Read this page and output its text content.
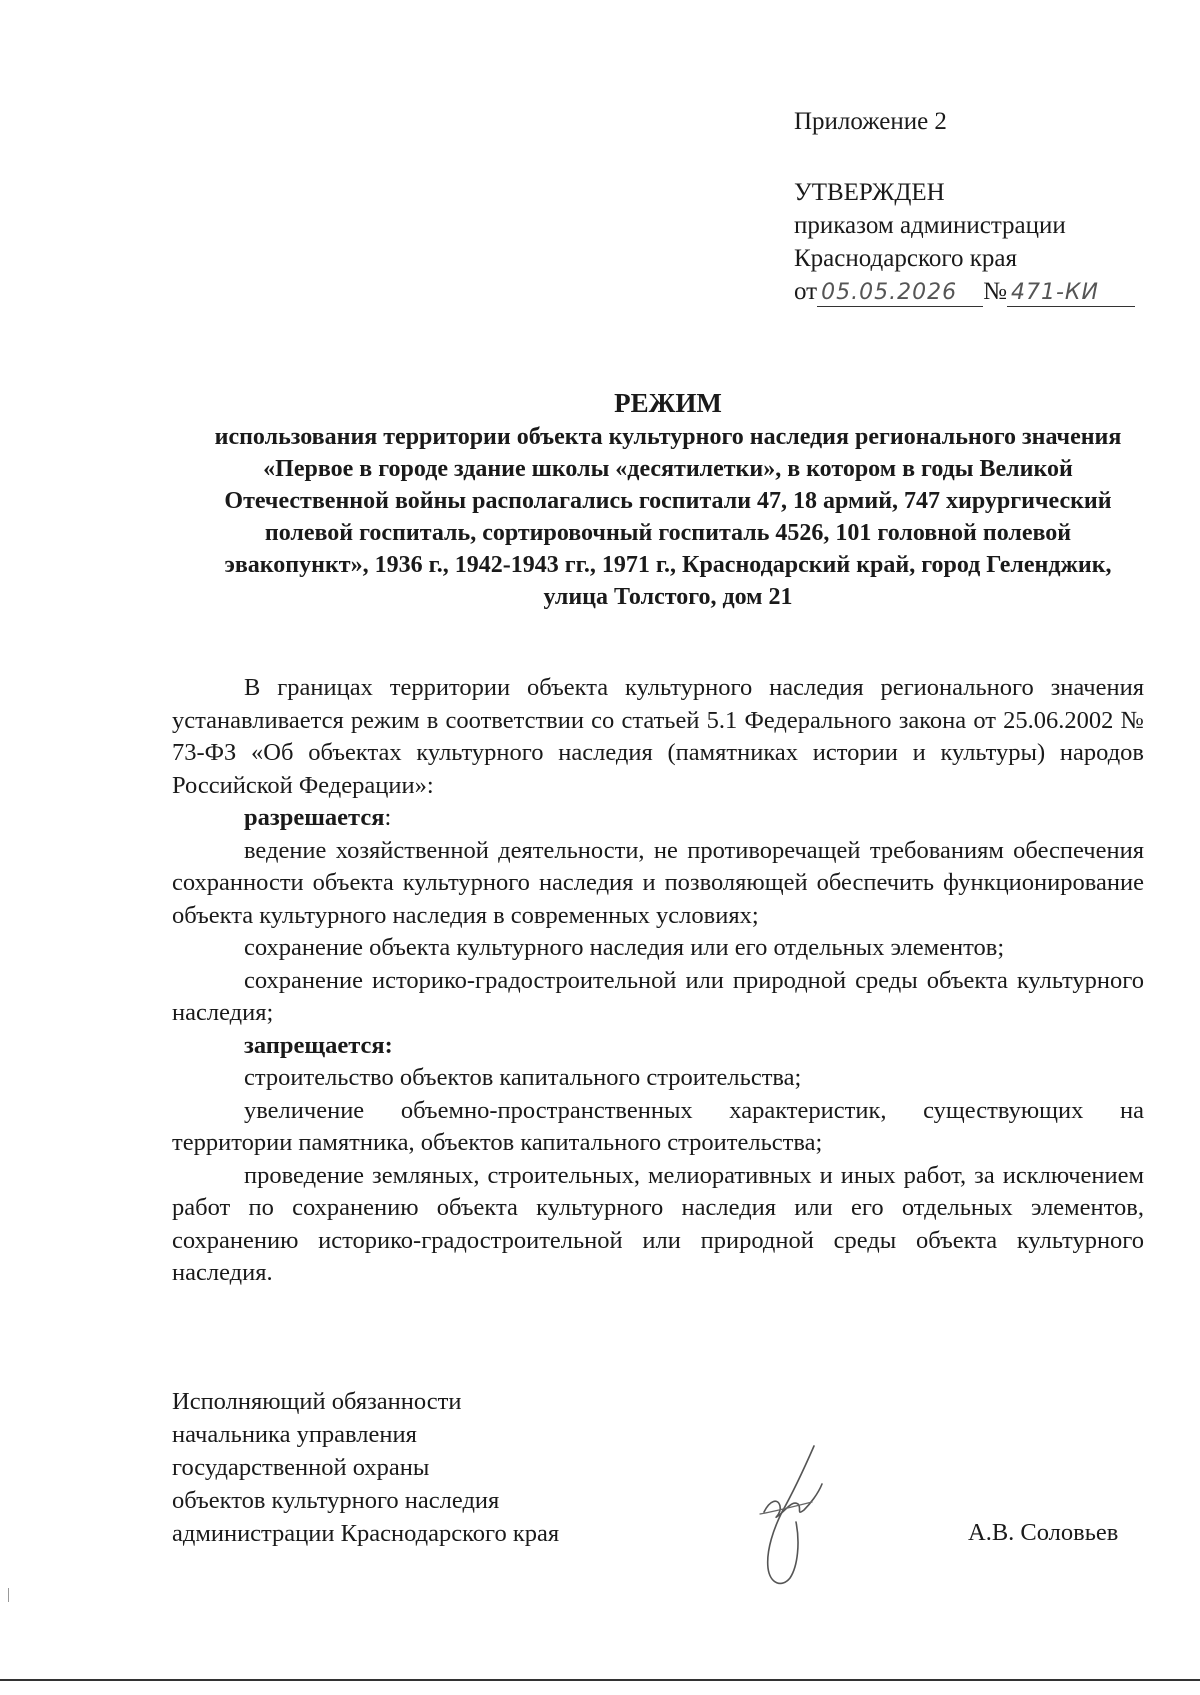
Приложение 2
УТВЕРЖДЕН
приказом администрации
Краснодарского края
от 05.05.2026 № 471-КИ
РЕЖИМ
использования территории объекта культурного наследия регионального значения «Первое в городе здание школы «десятилетки», в котором в годы Великой Отечественной войны располагались госпитали 47, 18 армий, 747 хирургический полевой госпиталь, сортировочный госпиталь 4526, 101 головной полевой эвакопункт», 1936 г., 1942-1943 гг., 1971 г., Краснодарский край, город Геленджик, улица Толстого, дом 21

В границах территории объекта культурного наследия регионального значения устанавливается режим в соответствии со статьей 5.1 Федерального закона от 25.06.2002 № 73-ФЗ «Об объектах культурного наследия (памятниках истории и культуры) народов Российской Федерации»:

разрешается:

ведение хозяйственной деятельности, не противоречащей требованиям обеспечения сохранности объекта культурного наследия и позволяющей обеспечить функционирование объекта культурного наследия в современных условиях;

сохранение объекта культурного наследия или его отдельных элементов;

сохранение историко-градостроительной или природной среды объекта культурного наследия;

запрещается:

строительство объектов капитального строительства;

увеличение объемно-пространственных характеристик, существующих на территории памятника, объектов капитального строительства;

проведение земляных, строительных, мелиоративных и иных работ, за исключением работ по сохранению объекта культурного наследия или его отдельных элементов, сохранению историко-градостроительной или природной среды объекта культурного наследия.

Исполняющий обязанности
начальника управления
государственной охраны
объектов культурного наследия
администрации Краснодарского края	А.В. Соловьев
